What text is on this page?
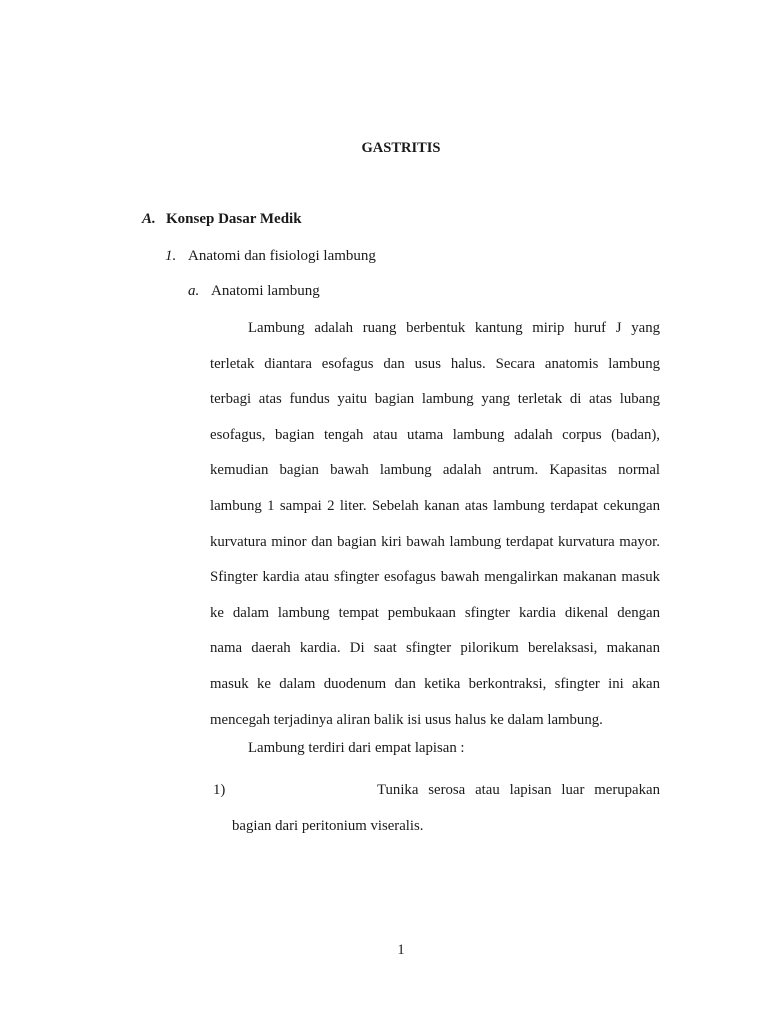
GASTRITIS
A. Konsep Dasar Medik
1. Anatomi dan fisiologi lambung
a. Anatomi lambung
Lambung adalah ruang berbentuk kantung mirip huruf J yang
terletak diantara esofagus dan usus halus. Secara anatomis lambung
terbagi atas fundus yaitu bagian lambung yang terletak di atas lubang
esofagus, bagian tengah atau utama lambung adalah corpus (badan),
kemudian bagian bawah lambung adalah antrum. Kapasitas normal
lambung 1 sampai 2 liter. Sebelah kanan atas lambung terdapat cekungan
kurvatura minor dan bagian kiri bawah lambung terdapat kurvatura mayor.
Sfingter kardia atau sfingter esofagus bawah mengalirkan makanan masuk
ke dalam lambung tempat pembukaan sfingter kardia dikenal dengan
nama daerah kardia. Di saat sfingter pilorikum berelaksasi, makanan
masuk ke dalam duodenum dan ketika berkontraksi, sfingter ini akan
mencegah terjadinya aliran balik isi usus halus ke dalam lambung.
Lambung terdiri dari empat lapisan :
1)	Tunika serosa atau lapisan luar merupakan
bagian dari peritonium viseralis.
1
